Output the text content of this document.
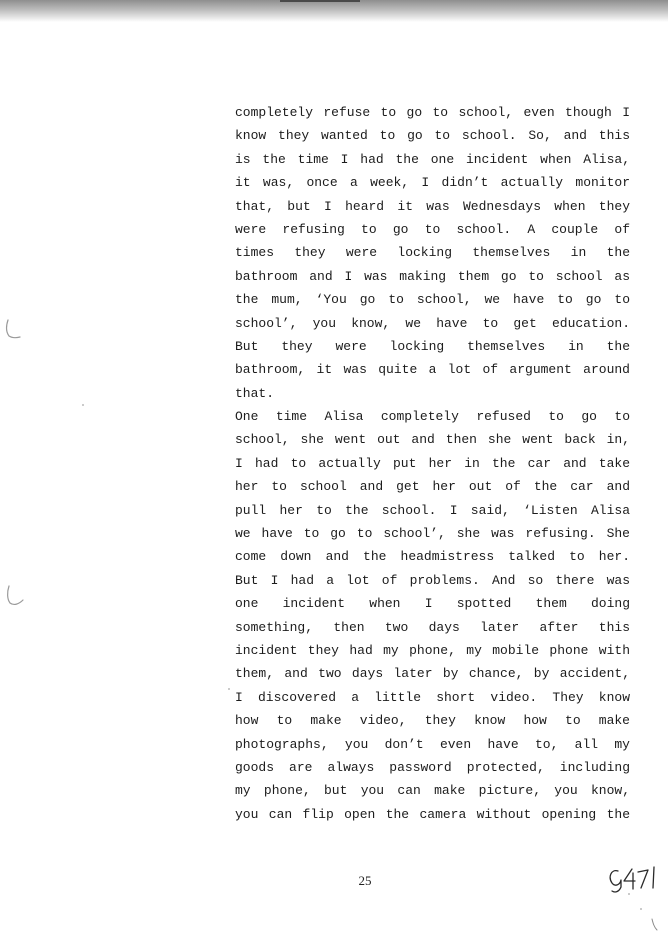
completely refuse to go to school, even though I
know they wanted to go to school. So, and this
is the time I had the one incident when Alisa,
it was, once a week, I didn’t actually monitor
that, but I heard it was Wednesdays when they
were refusing to go to school. A couple of
times they were locking themselves in the
bathroom and I was making them go to school as
the mum, ‘You go to school, we have to go to
school’, you know, we have to get education.
But they were locking themselves in the
bathroom, it was quite a lot of argument around
that.
One time Alisa completely refused to go to
school, she went out and then she went back in,
I had to actually put her in the car and take
her to school and get her out of the car and
pull her to the school. I said, ‘Listen Alisa
we have to go to school’, she was refusing. She
come down and the headmistress talked to her.
But I had a lot of problems. And so there was
one incident when I spotted them doing
something, then two days later after this
incident they had my phone, my mobile phone with
them, and two days later by chance, by accident,
I discovered a little short video. They know
how to make video, they know how to make
photographs, you don’t even have to, all my
goods are always password protected, including
my phone, but you can make picture, you know,
you can flip open the camera without opening the
25
